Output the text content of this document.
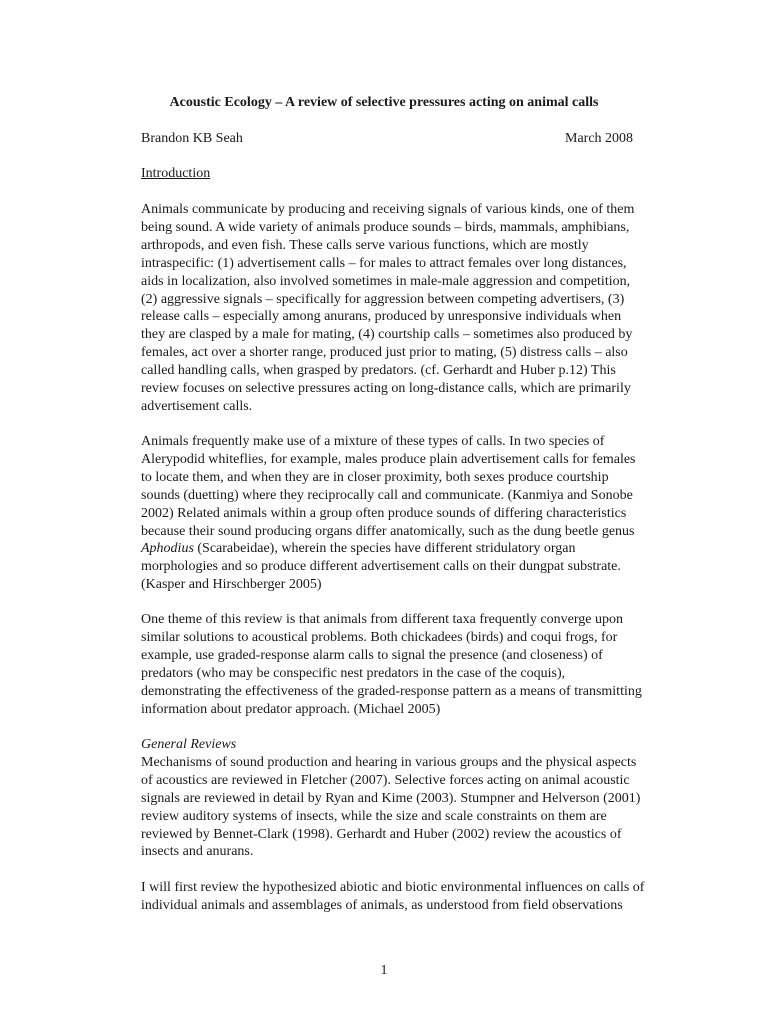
Acoustic Ecology – A review of selective pressures acting on animal calls
Brandon KB Seah	March 2008
Introduction
Animals communicate by producing and receiving signals of various kinds, one of them
being sound. A wide variety of animals produce sounds – birds, mammals, amphibians,
arthropods, and even fish. These calls serve various functions, which are mostly
intraspecific: (1) advertisement calls – for males to attract females over long distances,
aids in localization, also involved sometimes in male-male aggression and competition,
(2) aggressive signals – specifically for aggression between competing advertisers, (3)
release calls – especially among anurans, produced by unresponsive individuals when
they are clasped by a male for mating, (4) courtship calls – sometimes also produced by
females, act over a shorter range, produced just prior to mating, (5) distress calls – also
called handling calls, when grasped by predators. (cf. Gerhardt and Huber p.12) This
review focuses on selective pressures acting on long-distance calls, which are primarily
advertisement calls.
Animals frequently make use of a mixture of these types of calls. In two species of
Alerypodid whiteflies, for example, males produce plain advertisement calls for females
to locate them, and when they are in closer proximity, both sexes produce courtship
sounds (duetting) where they reciprocally call and communicate. (Kanmiya and Sonobe
2002) Related animals within a group often produce sounds of differing characteristics
because their sound producing organs differ anatomically, such as the dung beetle genus
Aphodius (Scarabeidae), wherein the species have different stridulatory organ
morphologies and so produce different advertisement calls on their dungpat substrate.
(Kasper and Hirschberger 2005)
One theme of this review is that animals from different taxa frequently converge upon
similar solutions to acoustical problems. Both chickadees (birds) and coqui frogs, for
example, use graded-response alarm calls to signal the presence (and closeness) of
predators (who may be conspecific nest predators in the case of the coquis),
demonstrating the effectiveness of the graded-response pattern as a means of transmitting
information about predator approach. (Michael 2005)
General Reviews
Mechanisms of sound production and hearing in various groups and the physical aspects
of acoustics are reviewed in Fletcher (2007). Selective forces acting on animal acoustic
signals are reviewed in detail by Ryan and Kime (2003). Stumpner and Helverson (2001)
review auditory systems of insects, while the size and scale constraints on them are
reviewed by Bennet-Clark (1998). Gerhardt and Huber (2002) review the acoustics of
insects and anurans.
I will first review the hypothesized abiotic and biotic environmental influences on calls of
individual animals and assemblages of animals, as understood from field observations
1
